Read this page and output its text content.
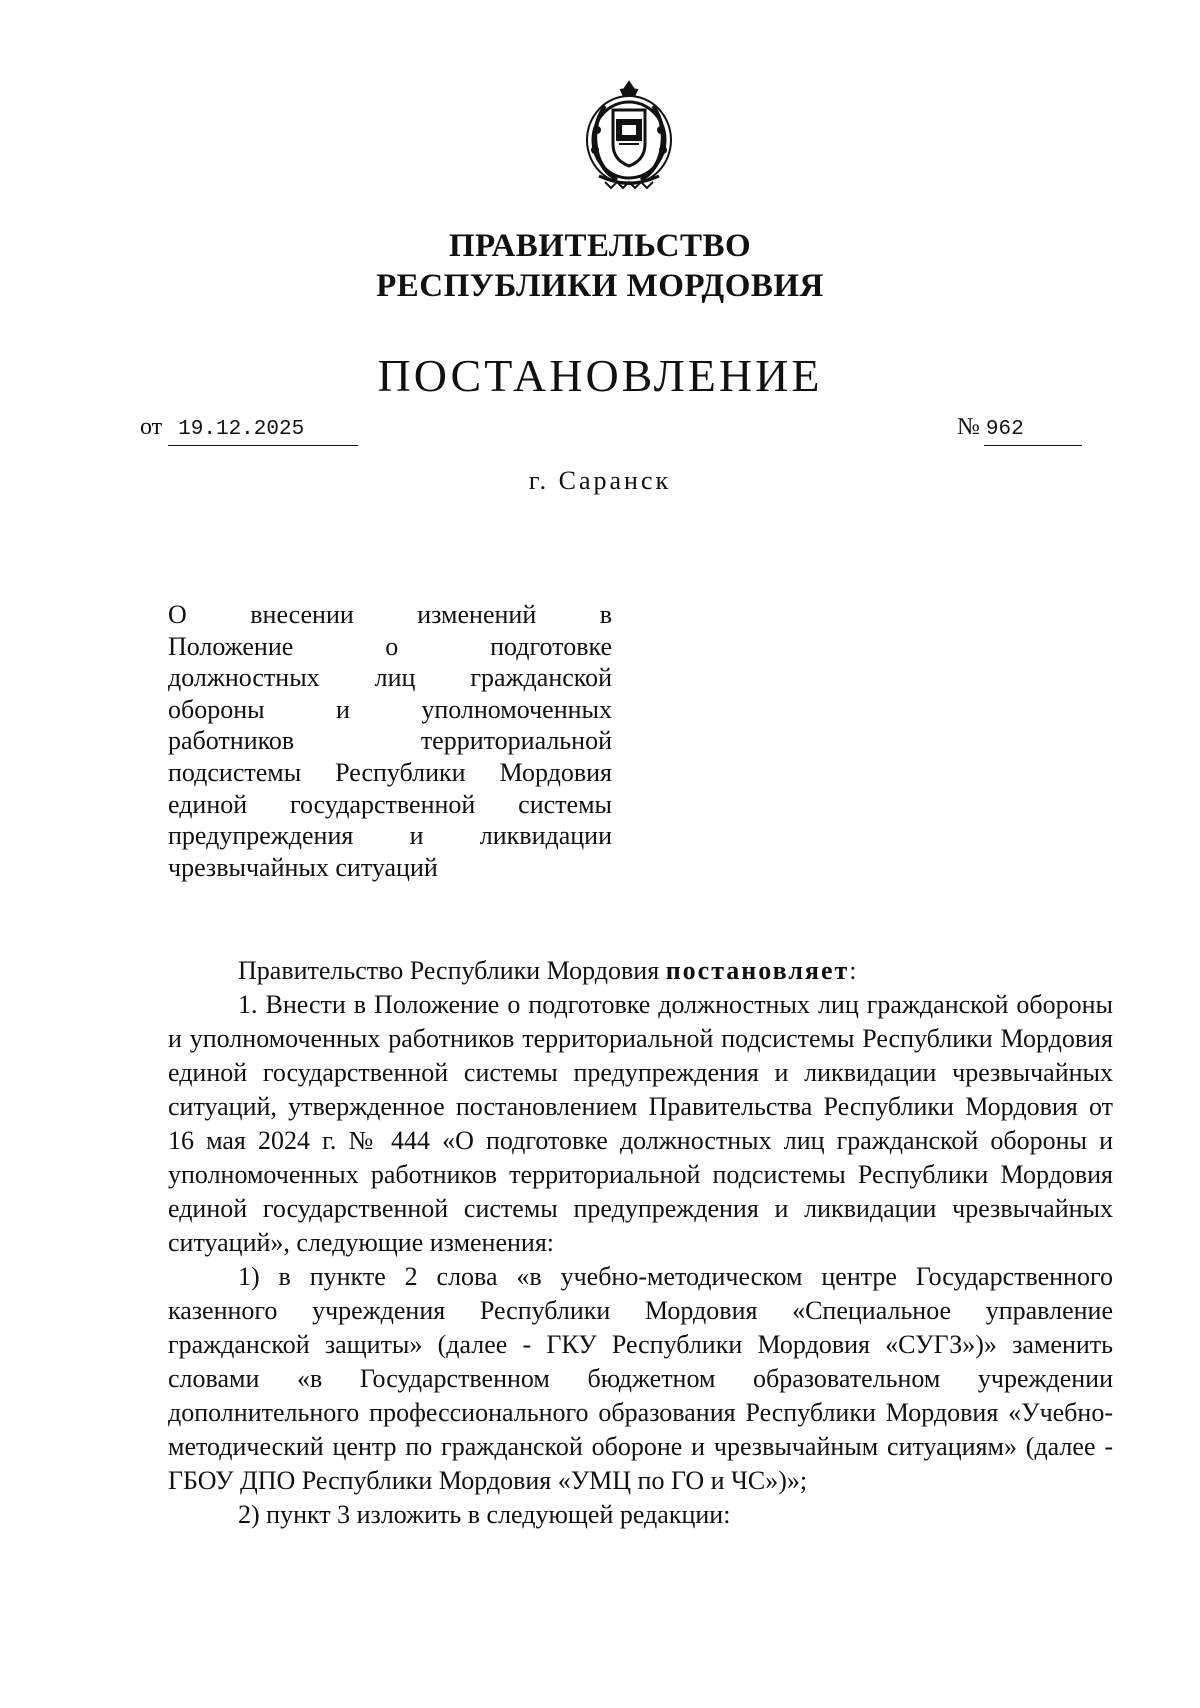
ПРАВИТЕЛЬСТВО
РЕСПУБЛИКИ МОРДОВИЯ
ПОСТАНОВЛЕНИЕ
от 19.12.2025	№ 962
г. Саранск
О внесении изменений в
Положение о подготовке
должностных лиц гражданской
обороны и уполномоченных
работников территориальной
подсистемы Республики Мордовия
единой государственной системы
предупреждения и ликвидации
чрезвычайных ситуаций

Правительство Республики Мордовия постановляет:

1. Внести в Положение о подготовке должностных лиц гражданской обороны и уполномоченных работников территориальной подсистемы Республики Мордовия единой государственной системы предупреждения и ликвидации чрезвычайных ситуаций, утвержденное постановлением Правительства Республики Мордовия от 16 мая 2024 г. № 444 «О подготовке должностных лиц гражданской обороны и уполномоченных работников территориальной подсистемы Республики Мордовия единой государственной системы предупреждения и ликвидации чрезвычайных ситуаций», следующие изменения:

1) в пункте 2 слова «в учебно-методическом центре Государственного казенного учреждения Республики Мордовия «Специальное управление гражданской защиты» (далее - ГКУ Республики Мордовия «СУГЗ»)» заменить словами «в Государственном бюджетном образовательном учреждении дополнительного профессионального образования Республики Мордовия «Учебно-методический центр по гражданской обороне и чрезвычайным ситуациям» (далее - ГБОУ ДПО Республики Мордовия «УМЦ по ГО и ЧС»)»;

2) пункт 3 изложить в следующей редакции:
